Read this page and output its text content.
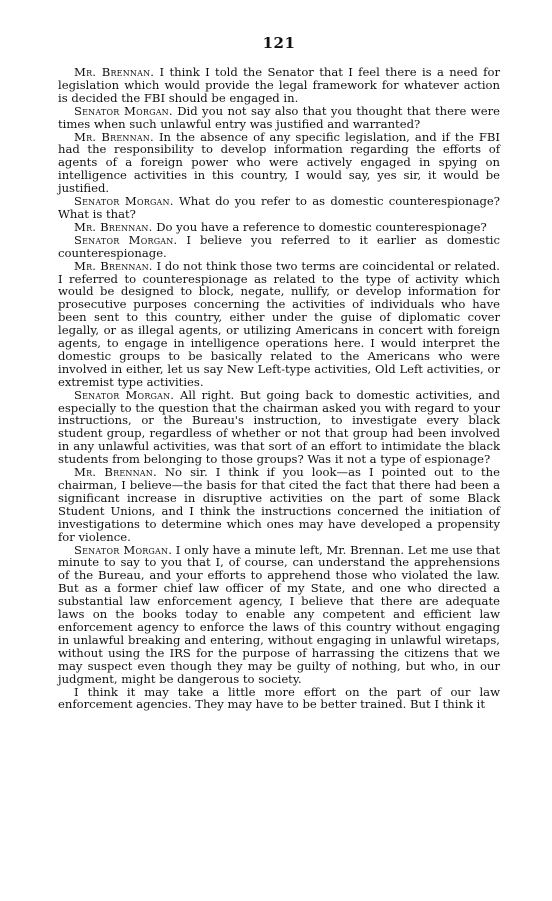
121

Mr. Brennan. I think I told the Senator that I feel there is a need for legislation which would provide the legal framework for whatever action is decided the FBI should be engaged in.

Senator Morgan. Did you not say also that you thought that there were times when such unlawful entry was justified and warranted?

Mr. Brennan. In the absence of any specific legislation, and if the FBI had the responsibility to develop information regarding the efforts of agents of a foreign power who were actively engaged in spying on intelligence activities in this country, I would say, yes sir, it would be justified.

Senator Morgan. What do you refer to as domestic counterespionage? What is that?

Mr. Brennan. Do you have a reference to domestic counterespionage?

Senator Morgan. I believe you referred to it earlier as domestic counterespionage.

Mr. Brennan. I do not think those two terms are coincidental or related. I referred to counterespionage as related to the type of activity which would be designed to block, negate, nullify, or develop information for prosecutive purposes concerning the activities of individuals who have been sent to this country, either under the guise of diplomatic cover legally, or as illegal agents, or utilizing Americans in concert with foreign agents, to engage in intelligence operations here. I would interpret the domestic groups to be basically related to the Americans who were involved in either, let us say New Left-type activities, Old Left activities, or extremist type activities.

Senator Morgan. All right. But going back to domestic activities, and especially to the question that the chairman asked you with regard to your instructions, or the Bureau's instruction, to investigate every black student group, regardless of whether or not that group had been involved in any unlawful activities, was that sort of an effort to intimidate the black students from belonging to those groups? Was it not a type of espionage?

Mr. Brennan. No sir. I think if you look—as I pointed out to the chairman, I believe—the basis for that cited the fact that there had been a significant increase in disruptive activities on the part of some Black Student Unions, and I think the instructions concerned the initiation of investigations to determine which ones may have developed a propensity for violence.

Senator Morgan. I only have a minute left, Mr. Brennan. Let me use that minute to say to you that I, of course, can understand the apprehensions of the Bureau, and your efforts to apprehend those who violated the law. But as a former chief law officer of my State, and one who directed a substantial law enforcement agency, I believe that there are adequate laws on the books today to enable any competent and efficient law enforcement agency to enforce the laws of this country without engaging in unlawful breaking and entering, without engaging in unlawful wiretaps, without using the IRS for the purpose of harrassing the citizens that we may suspect even though they may be guilty of nothing, but who, in our judgment, might be dangerous to society.

I think it may take a little more effort on the part of our law enforcement agencies. They may have to be better trained. But I think it
